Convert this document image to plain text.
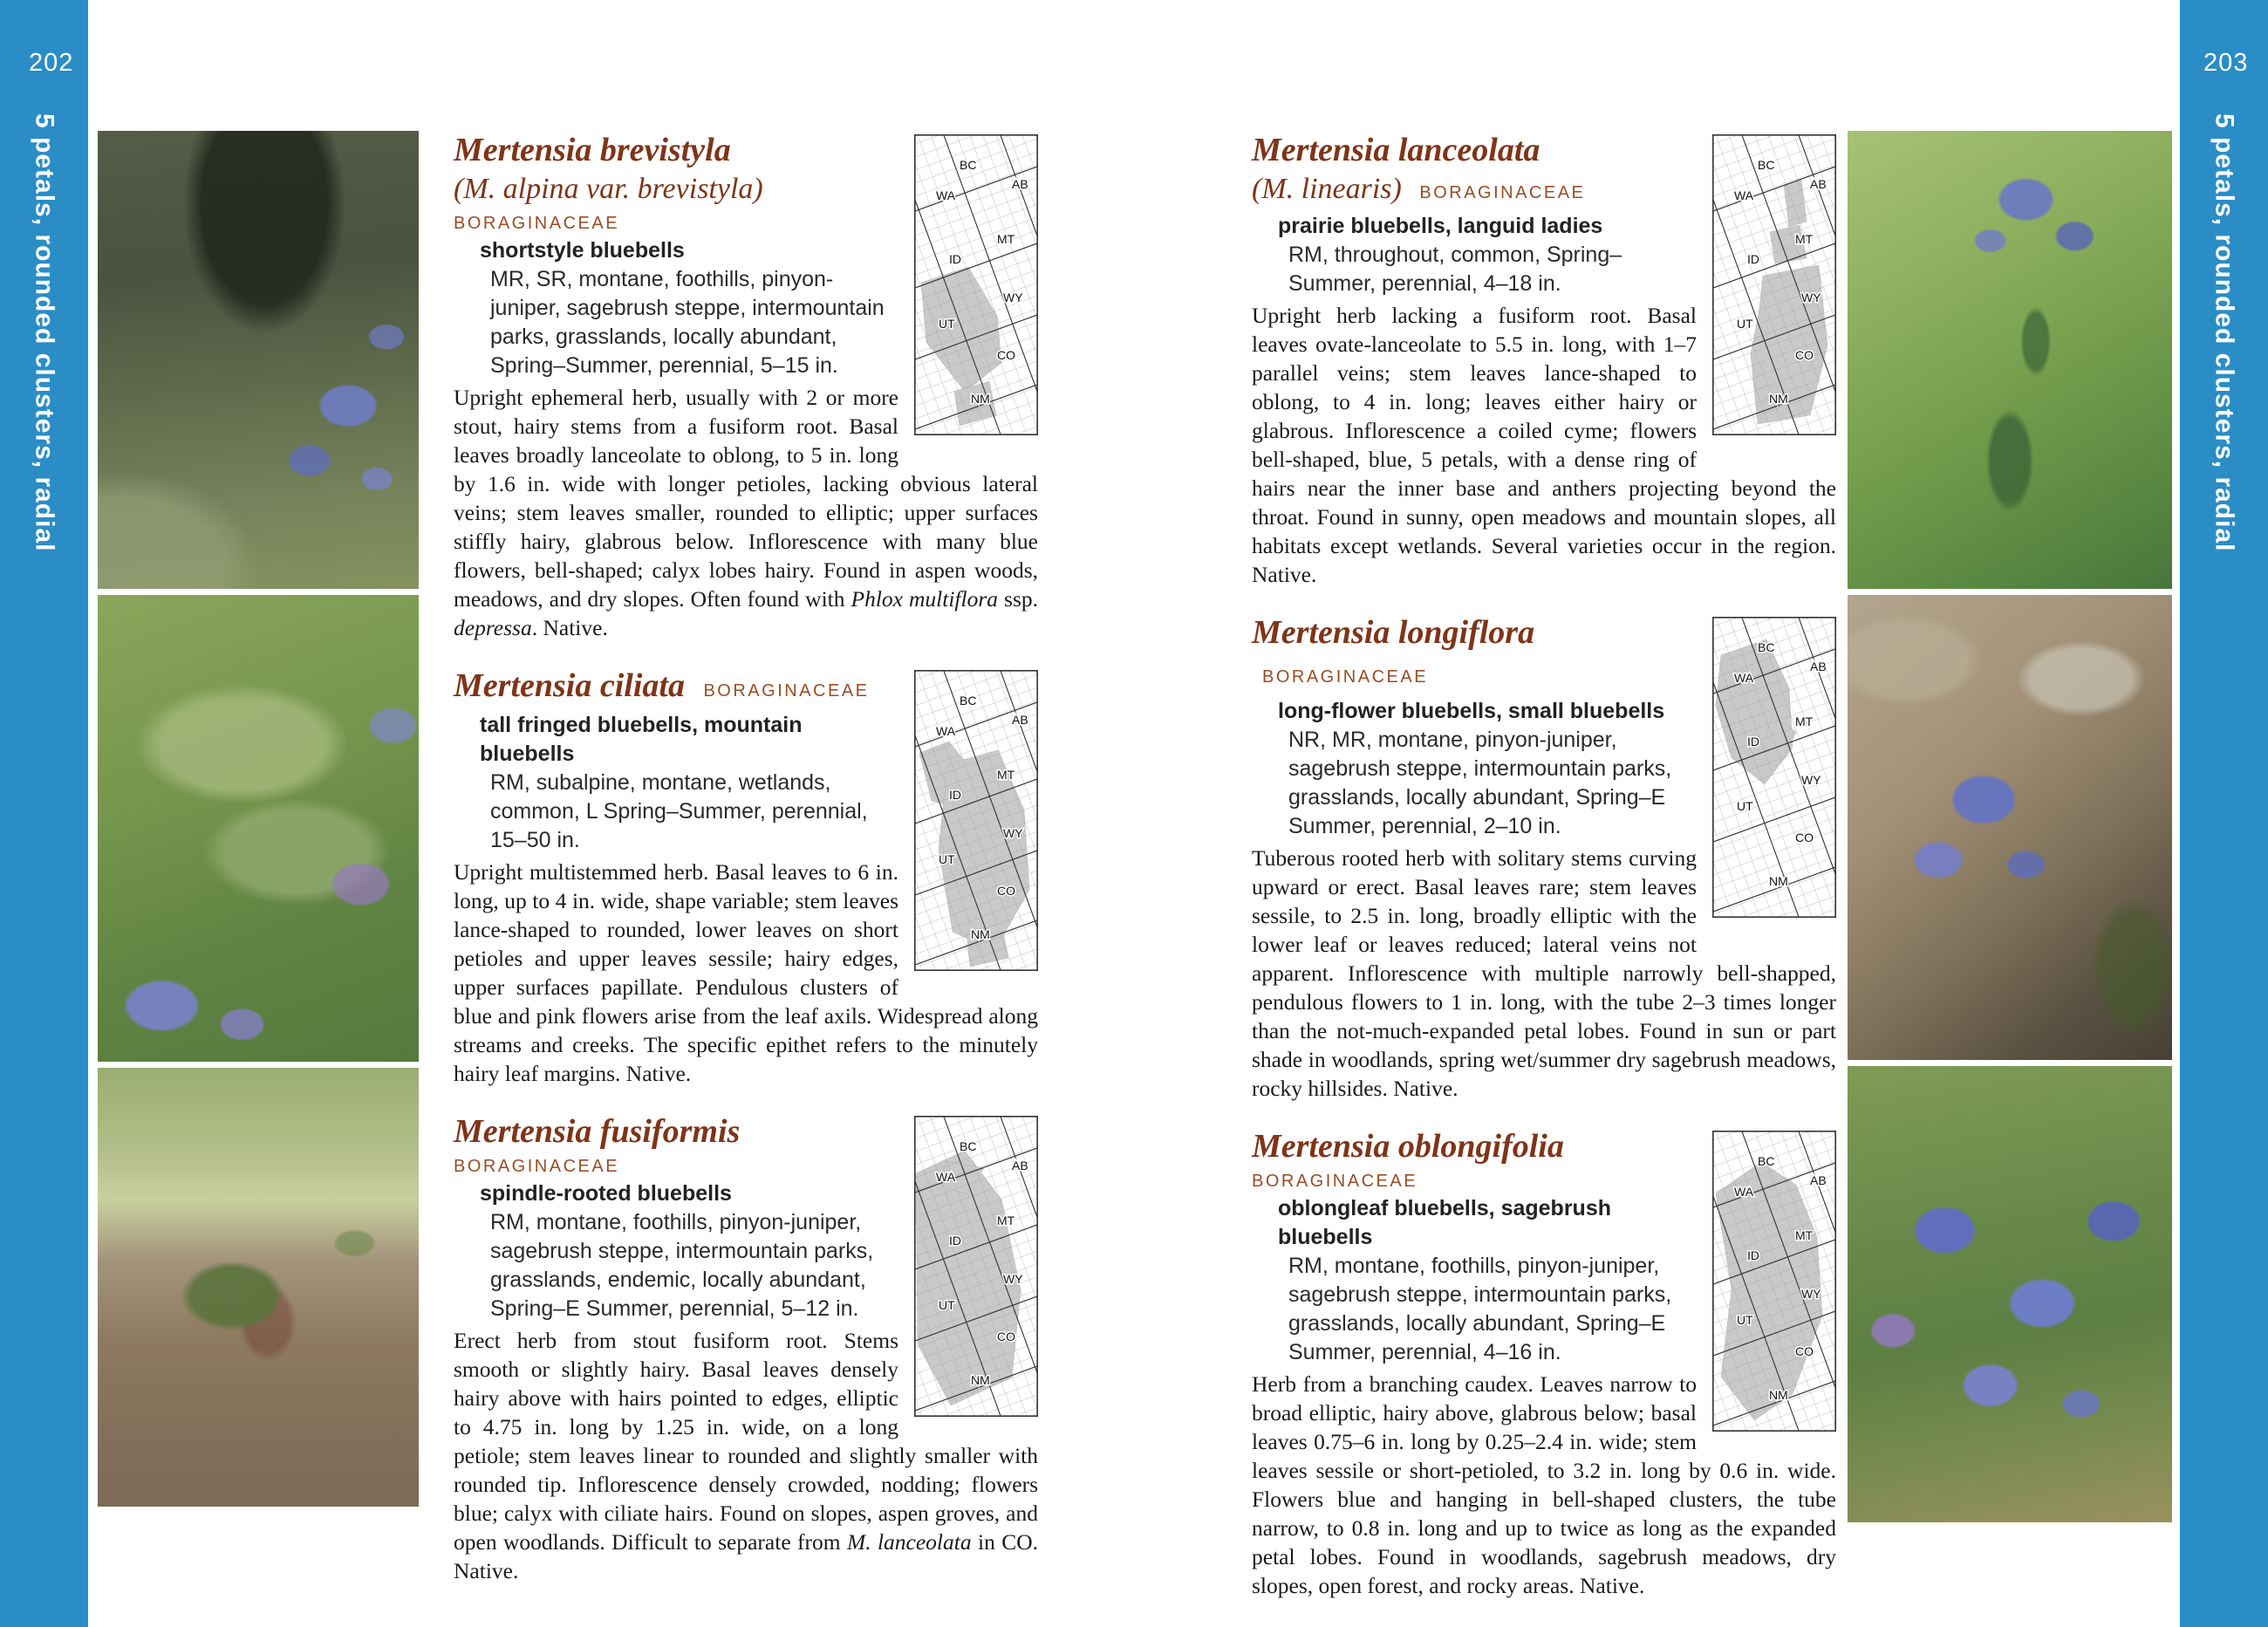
202
5 petals, rounded clusters, radial
203
5 petals, rounded clusters, radial
BC
AB
WA
MT
ID
WY
UT
CO
NM
Mertensia brevistyla
(M. alpina var. brevistyla)
BORAGINACEAE
shortstyle bluebells
MR, SR, montane, foothills, pinyon-juniper, sagebrush steppe, intermountain parks, grasslands, locally abundant, Spring–Summer, perennial, 5–15 in.
Upright ephemeral herb, usually with 2 or more stout, hairy stems from a fusiform root. Basal leaves broadly lanceolate to oblong, to 5 in. long by 1.6 in. wide with longer petioles, lacking obvious lateral veins; stem leaves smaller, rounded to elliptic; upper surfaces stiffly hairy, glabrous below. Inflorescence with many blue flowers, bell-shaped; calyx lobes hairy. Found in aspen woods, meadows, and dry slopes. Often found with Phlox multiflora ssp. depressa. Native.
BC
AB
WA
MT
ID
WY
UT
CO
NM
Mertensia ciliata BORAGINACEAE
tall fringed bluebells, mountain bluebells
RM, subalpine, montane, wetlands, common, L Spring–Summer, perennial, 15–50 in.
Upright multistemmed herb. Basal leaves to 6 in. long, up to 4 in. wide, shape variable; stem leaves lance-shaped to rounded, lower leaves on short petioles and upper leaves sessile; hairy edges, upper surfaces papillate. Pendulous clusters of blue and pink flowers arise from the leaf axils. Widespread along streams and creeks. The specific epithet refers to the minutely hairy leaf margins. Native.
BC
AB
WA
MT
ID
WY
UT
CO
NM
Mertensia fusiformis
BORAGINACEAE
spindle-rooted bluebells
RM, montane, foothills, pinyon-juniper, sagebrush steppe, intermountain parks, grasslands, endemic, locally abundant, Spring–E Summer, perennial, 5–12 in.
Erect herb from stout fusiform root. Stems smooth or slightly hairy. Basal leaves densely hairy above with hairs pointed to edges, elliptic to 4.75 in. long by 1.25 in. wide, on a long petiole; stem leaves linear to rounded and slightly smaller with rounded tip. Inflorescence densely crowded, nodding; flowers blue; calyx with ciliate hairs. Found on slopes, aspen groves, and open woodlands. Difficult to separate from M. lanceolata in CO. Native.
BC
AB
WA
MT
ID
WY
UT
CO
NM
Mertensia lanceolata
(M. linearis) BORAGINACEAE
prairie bluebells, languid ladies
RM, throughout, common, Spring–Summer, perennial, 4–18 in.
Upright herb lacking a fusiform root. Basal leaves ovate-lanceolate to 5.5 in. long, with 1–7 parallel veins; stem leaves lance-shaped to oblong, to 4 in. long; leaves either hairy or glabrous. Inflorescence a coiled cyme; flowers bell-shaped, blue, 5 petals, with a dense ring of hairs near the inner base and anthers projecting beyond the throat. Found in sunny, open meadows and mountain slopes, all habitats except wetlands. Several varieties occur in the region. Native.
BC
AB
WA
MT
ID
WY
UT
CO
NM
Mertensia longiflora BORAGINACEAE
long-flower bluebells, small bluebells
NR, MR, montane, pinyon-juniper, sagebrush steppe, intermountain parks, grasslands, locally abundant, Spring–E Summer, perennial, 2–10 in.
Tuberous rooted herb with solitary stems curving upward or erect. Basal leaves rare; stem leaves sessile, to 2.5 in. long, broadly elliptic with the lower leaf or leaves reduced; lateral veins not apparent. Inflorescence with multiple narrowly bell-shapped, pendulous flowers to 1 in. long, with the tube 2–3 times longer than the not-much-expanded petal lobes. Found in sun or part shade in woodlands, spring wet/summer dry sagebrush meadows, rocky hillsides. Native.
BC
AB
WA
MT
ID
WY
UT
CO
NM
Mertensia oblongifolia
BORAGINACEAE
oblongleaf bluebells, sagebrush bluebells
RM, montane, foothills, pinyon-juniper, sagebrush steppe, intermountain parks, grasslands, locally abundant, Spring–E Summer, perennial, 4–16 in.
Herb from a branching caudex. Leaves narrow to broad elliptic, hairy above, glabrous below; basal leaves 0.75–6 in. long by 0.25–2.4 in. wide; stem leaves sessile or short-petioled, to 3.2 in. long by 0.6 in. wide. Flowers blue and hanging in bell-shaped clusters, the tube narrow, to 0.8 in. long and up to twice as long as the expanded petal lobes. Found in woodlands, sagebrush meadows, dry slopes, open forest, and rocky areas. Native.
